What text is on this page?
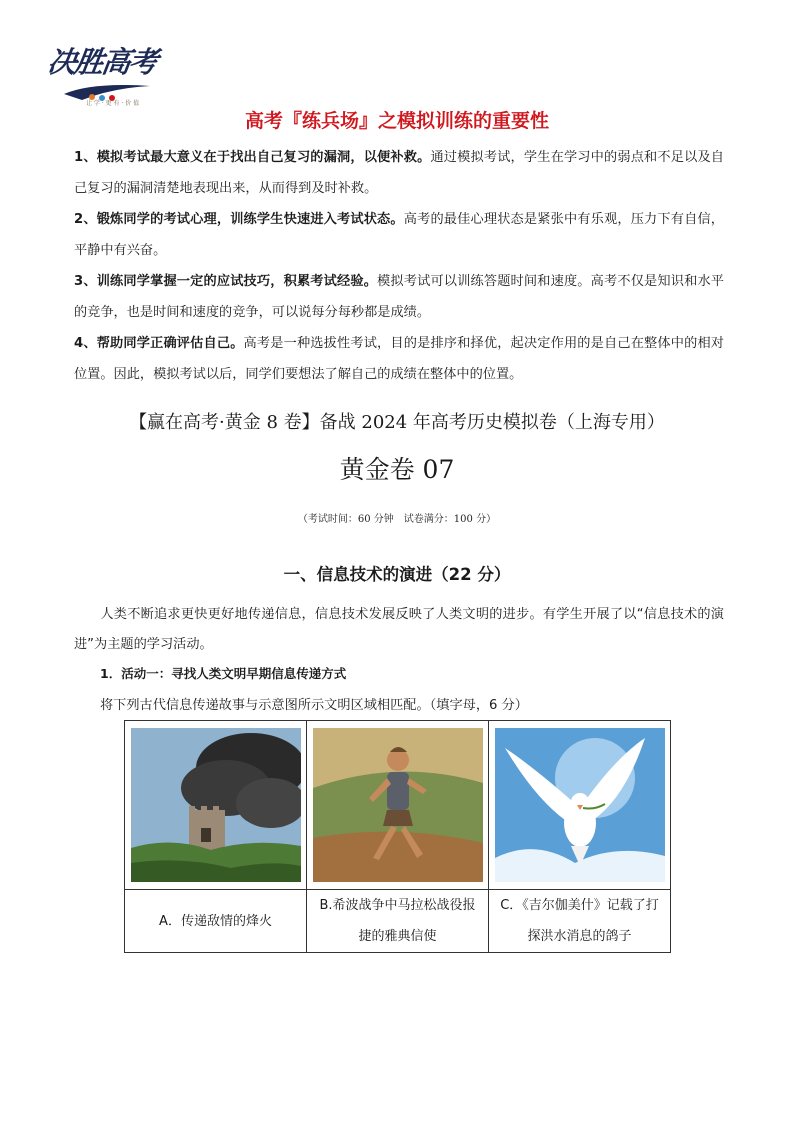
决胜高考
让 学 · 更 有 · 价 值
高考『练兵场』之模拟训练的重要性
1、模拟考试最大意义在于找出自己复习的漏洞，以便补救。通过模拟考试，学生在学习中的弱点和不足以及自己复习的漏洞清楚地表现出来，从而得到及时补救。
2、锻炼同学的考试心理，训练学生快速进入考试状态。高考的最佳心理状态是紧张中有乐观，压力下有自信，平静中有兴奋。
3、训练同学掌握一定的应试技巧，积累考试经验。模拟考试可以训练答题时间和速度。高考不仅是知识和水平的竞争，也是时间和速度的竞争，可以说每分每秒都是成绩。
4、帮助同学正确评估自己。高考是一种选拔性考试，目的是排序和择优，起决定作用的是自己在整体中的相对位置。因此，模拟考试以后，同学们要想法了解自己的成绩在整体中的位置。
【赢在高考·黄金 8 卷】备战 2024 年高考历史模拟卷（上海专用）
黄金卷 07
（考试时间：60 分钟　试卷满分：100 分）
一、信息技术的演进（22 分）

人类不断追求更快更好地传递信息，信息技术发展反映了人类文明的进步。有学生开展了以“信息技术的演进”为主题的学习活动。

1．活动一：寻找人类文明早期信息传递方式
将下列古代信息传递故事与示意图所示文明区域相匹配。（填字母，6 分）

A．传递敌情的烽火	B.希波战争中马拉松战役报捷的雅典信使	C．《吉尔伽美什》记载了打探洪水消息的鸽子
